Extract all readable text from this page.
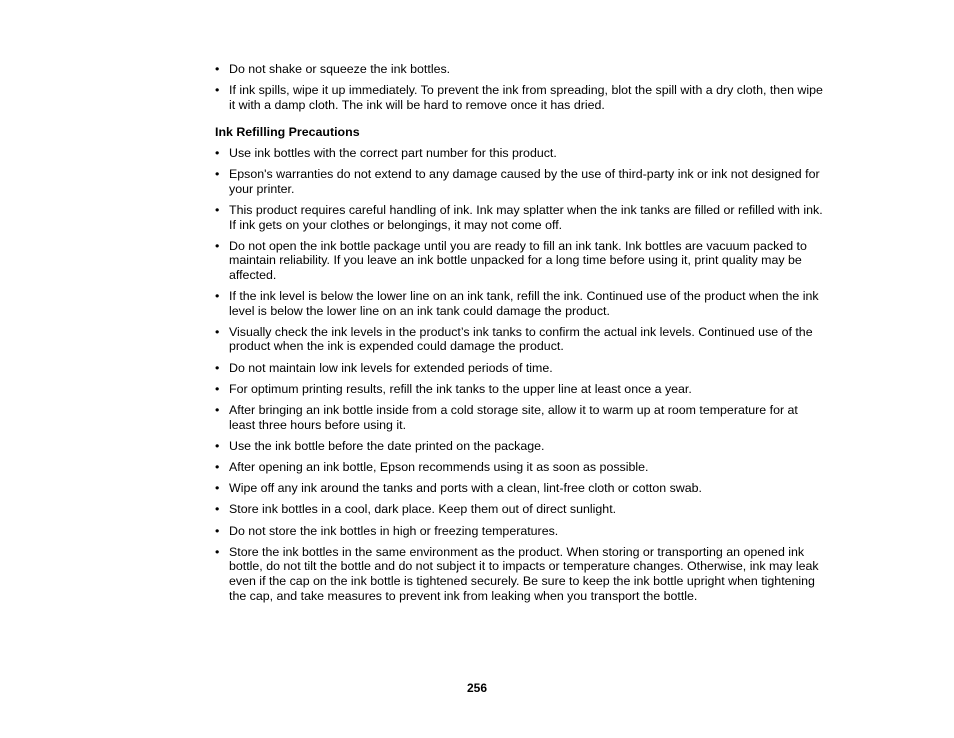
• Do not shake or squeeze the ink bottles.
• If ink spills, wipe it up immediately. To prevent the ink from spreading, blot the spill with a dry cloth, then wipe it with a damp cloth. The ink will be hard to remove once it has dried.
Ink Refilling Precautions
• Use ink bottles with the correct part number for this product.
• Epson's warranties do not extend to any damage caused by the use of third-party ink or ink not designed for your printer.
• This product requires careful handling of ink. Ink may splatter when the ink tanks are filled or refilled with ink. If ink gets on your clothes or belongings, it may not come off.
• Do not open the ink bottle package until you are ready to fill an ink tank. Ink bottles are vacuum packed to maintain reliability. If you leave an ink bottle unpacked for a long time before using it, print quality may be affected.
• If the ink level is below the lower line on an ink tank, refill the ink. Continued use of the product when the ink level is below the lower line on an ink tank could damage the product.
• Visually check the ink levels in the product’s ink tanks to confirm the actual ink levels. Continued use of the product when the ink is expended could damage the product.
• Do not maintain low ink levels for extended periods of time.
• For optimum printing results, refill the ink tanks to the upper line at least once a year.
• After bringing an ink bottle inside from a cold storage site, allow it to warm up at room temperature for at least three hours before using it.
• Use the ink bottle before the date printed on the package.
• After opening an ink bottle, Epson recommends using it as soon as possible.
• Wipe off any ink around the tanks and ports with a clean, lint-free cloth or cotton swab.
• Store ink bottles in a cool, dark place. Keep them out of direct sunlight.
• Do not store the ink bottles in high or freezing temperatures.
• Store the ink bottles in the same environment as the product. When storing or transporting an opened ink bottle, do not tilt the bottle and do not subject it to impacts or temperature changes. Otherwise, ink may leak even if the cap on the ink bottle is tightened securely. Be sure to keep the ink bottle upright when tightening the cap, and take measures to prevent ink from leaking when you transport the bottle.
256
